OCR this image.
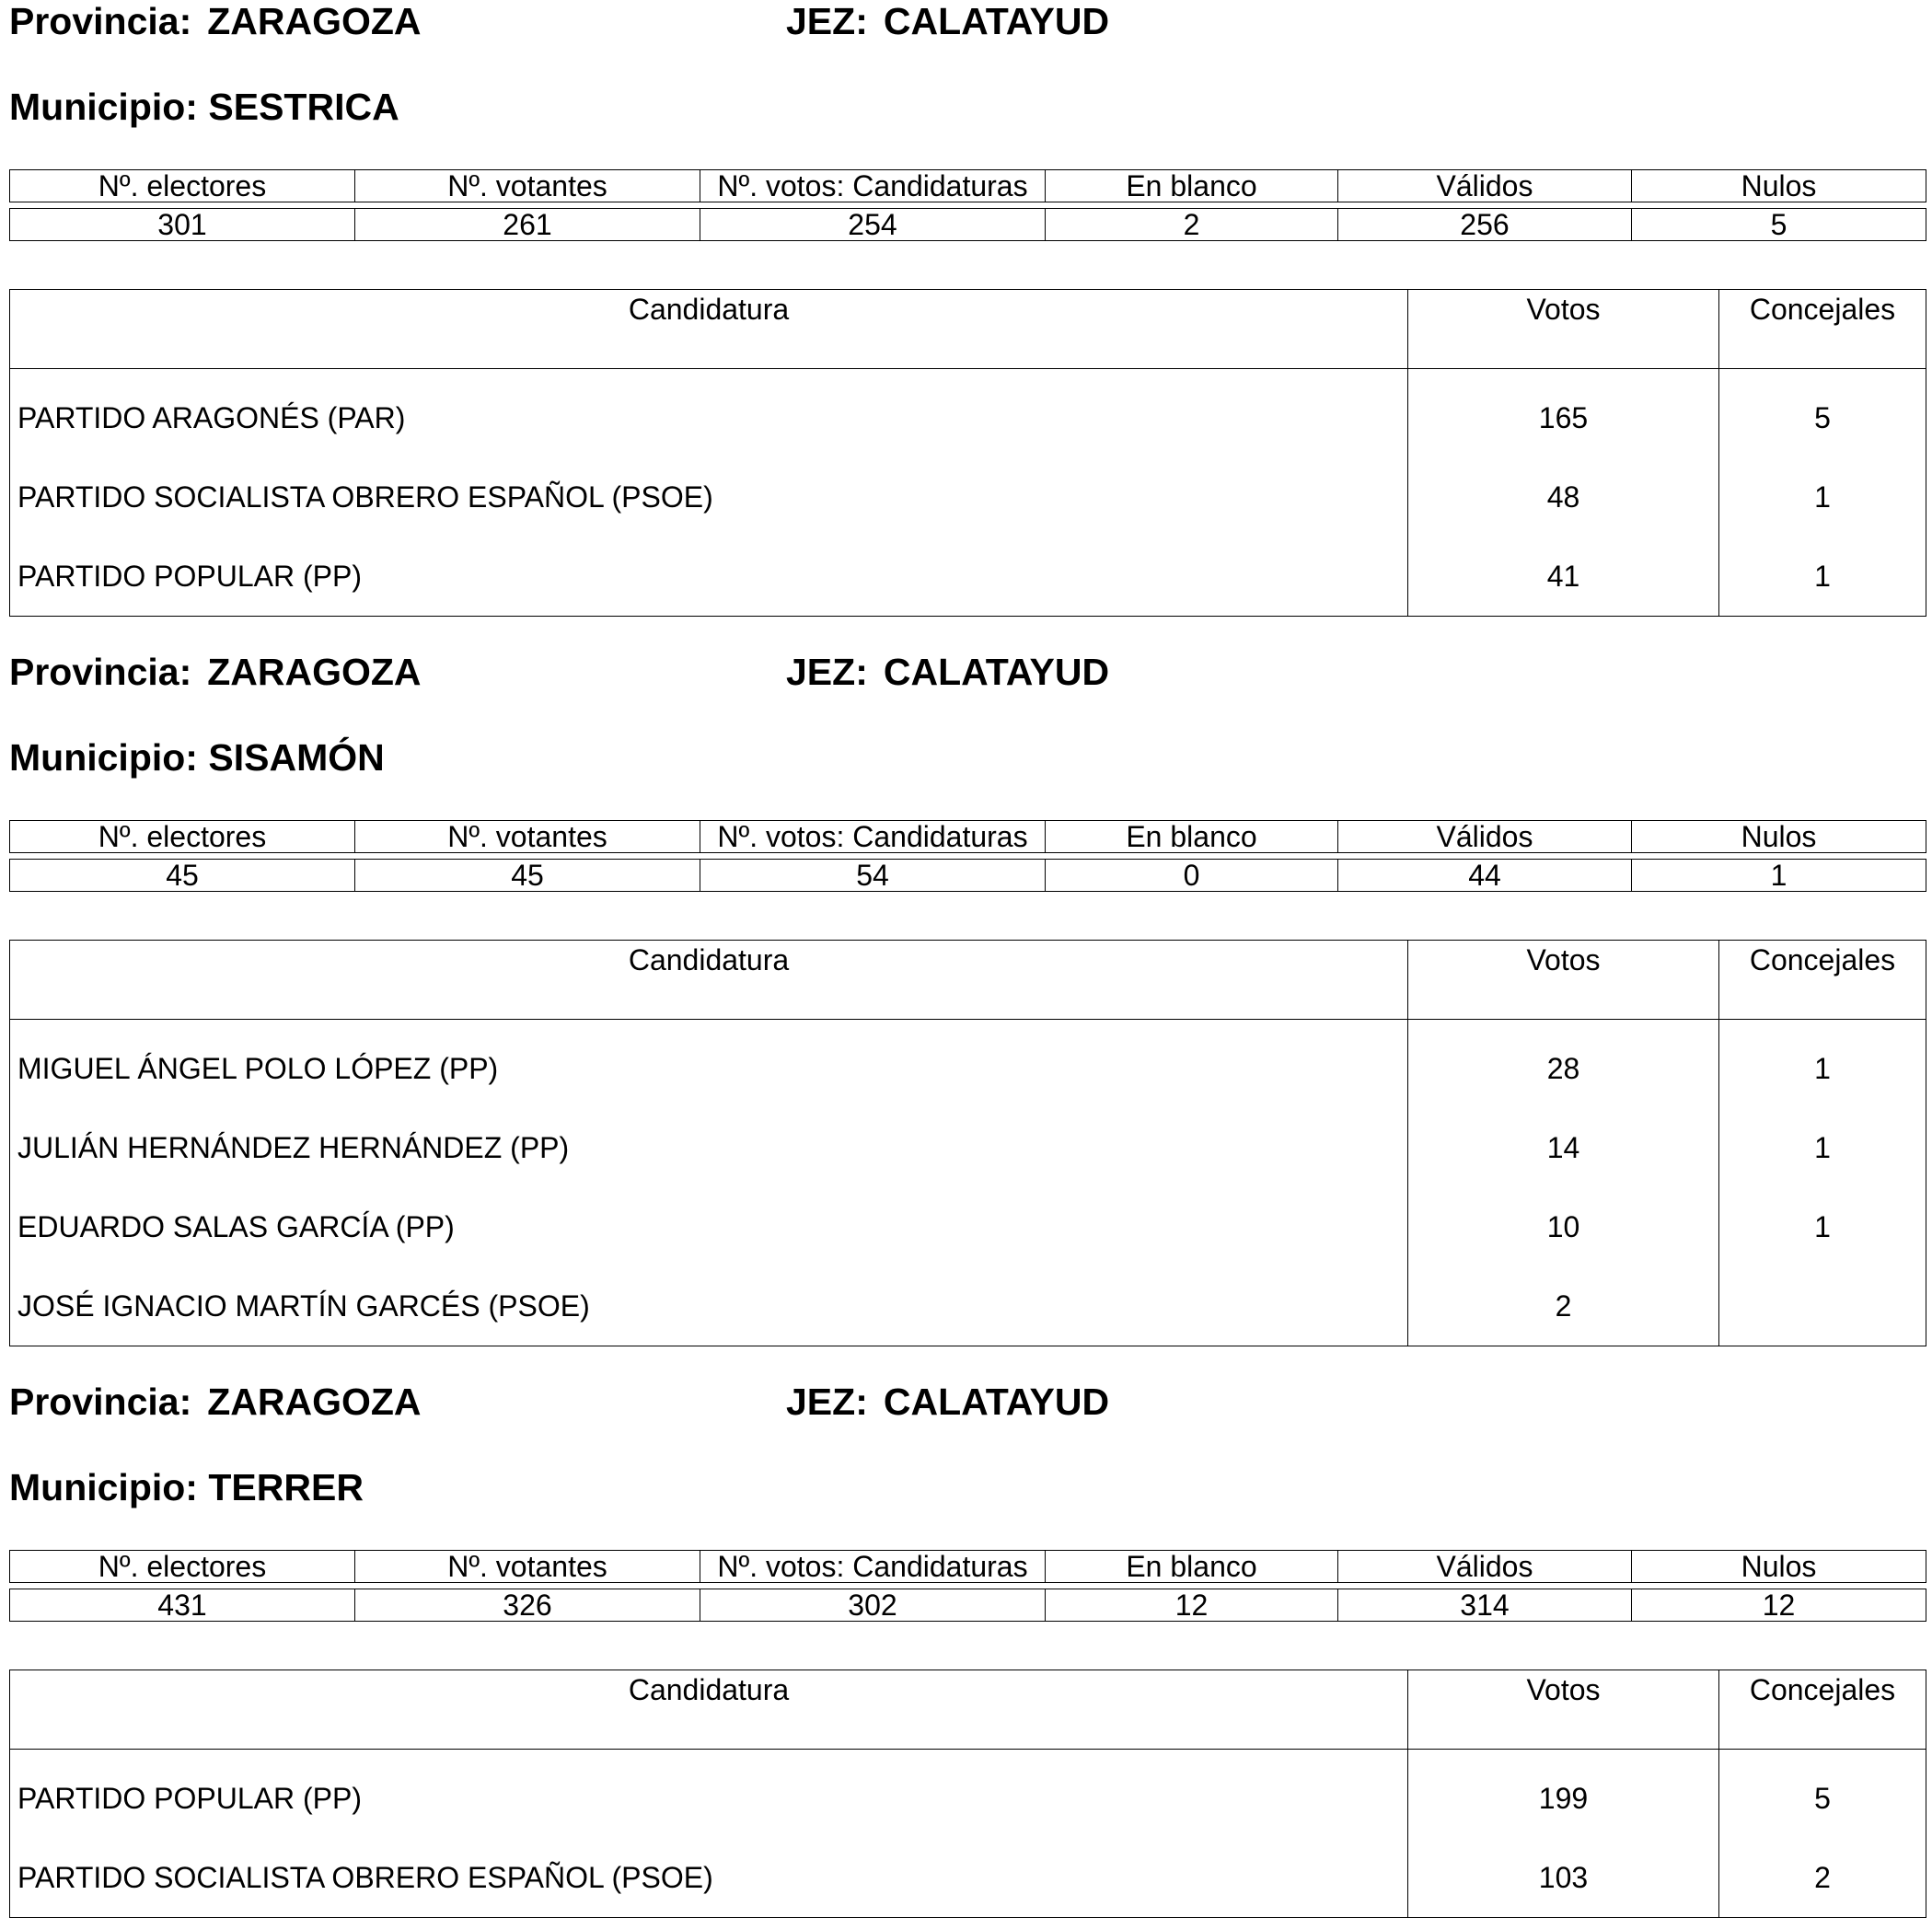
Provincia: ZARAGOZA	JEZ: CALATAYUD
Municipio: SESTRICA
Nº. electores	Nº. votantes	Nº. votos: Candidaturas	En blanco	Válidos	Nulos

301	261	254	2	256	5
Candidatura	Votos	Concejales
PARTIDO ARAGONÉS (PAR)	165	5
PARTIDO SOCIALISTA OBRERO ESPAÑOL (PSOE)	48	1
PARTIDO POPULAR (PP)	41	1
Provincia: ZARAGOZA	JEZ: CALATAYUD
Municipio: SISAMÓN
Nº. electores	Nº. votantes	Nº. votos: Candidaturas	En blanco	Válidos	Nulos

45	45	54	0	44	1
Candidatura	Votos	Concejales
MIGUEL ÁNGEL POLO LÓPEZ (PP)	28	1
JULIÁN HERNÁNDEZ HERNÁNDEZ (PP)	14	1
EDUARDO SALAS GARCÍA (PP)	10	1
JOSÉ IGNACIO MARTÍN GARCÉS (PSOE)	2	
Provincia: ZARAGOZA	JEZ: CALATAYUD
Municipio: TERRER
Nº. electores	Nº. votantes	Nº. votos: Candidaturas	En blanco	Válidos	Nulos

431	326	302	12	314	12
Candidatura	Votos	Concejales
PARTIDO POPULAR (PP)	199	5
PARTIDO SOCIALISTA OBRERO ESPAÑOL (PSOE)	103	2
